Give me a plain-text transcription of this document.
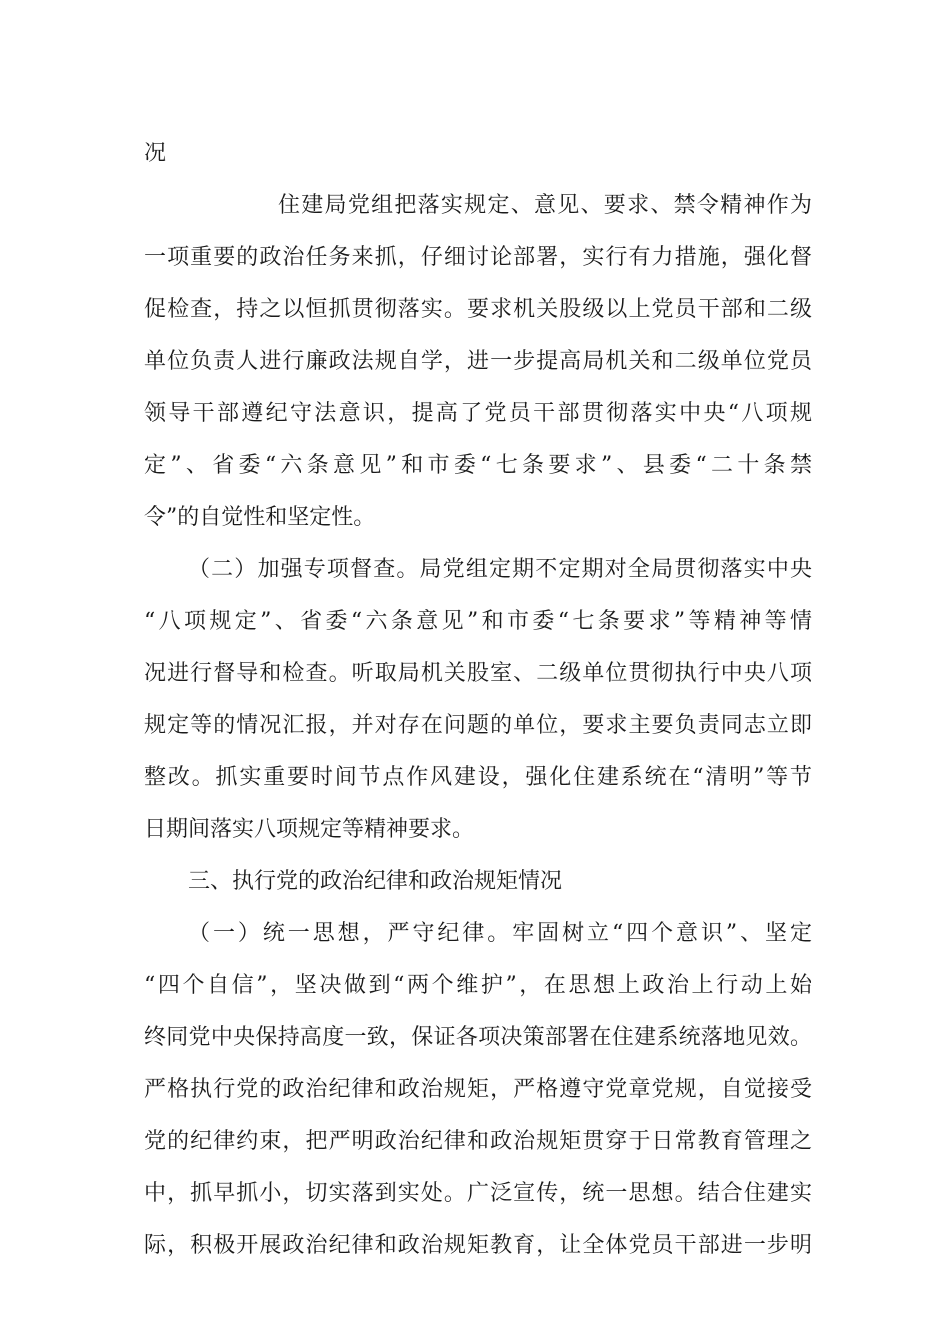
况
住建局党组把落实规定、意见、要求、禁令精神作为
一项重要的政治任务来抓，仔细讨论部署，实行有力措施，强化督
促检查，持之以恒抓贯彻落实。要求机关股级以上党员干部和二级
单位负责人进行廉政法规自学，进一步提高局机关和二级单位党员
领导干部遵纪守法意识，提高了党员干部贯彻落实中央“八项规
定”、省委“六条意见”和市委“七条要求”、县委“二十条禁
令”的自觉性和坚定性。
（二）加强专项督查。局党组定期不定期对全局贯彻落实中央
“八项规定”、省委“六条意见”和市委“七条要求”等精神等情
况进行督导和检查。听取局机关股室、二级单位贯彻执行中央八项
规定等的情况汇报，并对存在问题的单位，要求主要负责同志立即
整改。抓实重要时间节点作风建设，强化住建系统在“清明”等节
日期间落实八项规定等精神要求。
三、执行党的政治纪律和政治规矩情况
（一）统一思想，严守纪律。牢固树立“四个意识”、坚定
“四个自信”，坚决做到“两个维护”，在思想上政治上行动上始
终同党中央保持高度一致，保证各项决策部署在住建系统落地见效。
严格执行党的政治纪律和政治规矩，严格遵守党章党规，自觉接受
党的纪律约束，把严明政治纪律和政治规矩贯穿于日常教育管理之
中，抓早抓小，切实落到实处。广泛宣传，统一思想。结合住建实
际，积极开展政治纪律和政治规矩教育，让全体党员干部进一步明
